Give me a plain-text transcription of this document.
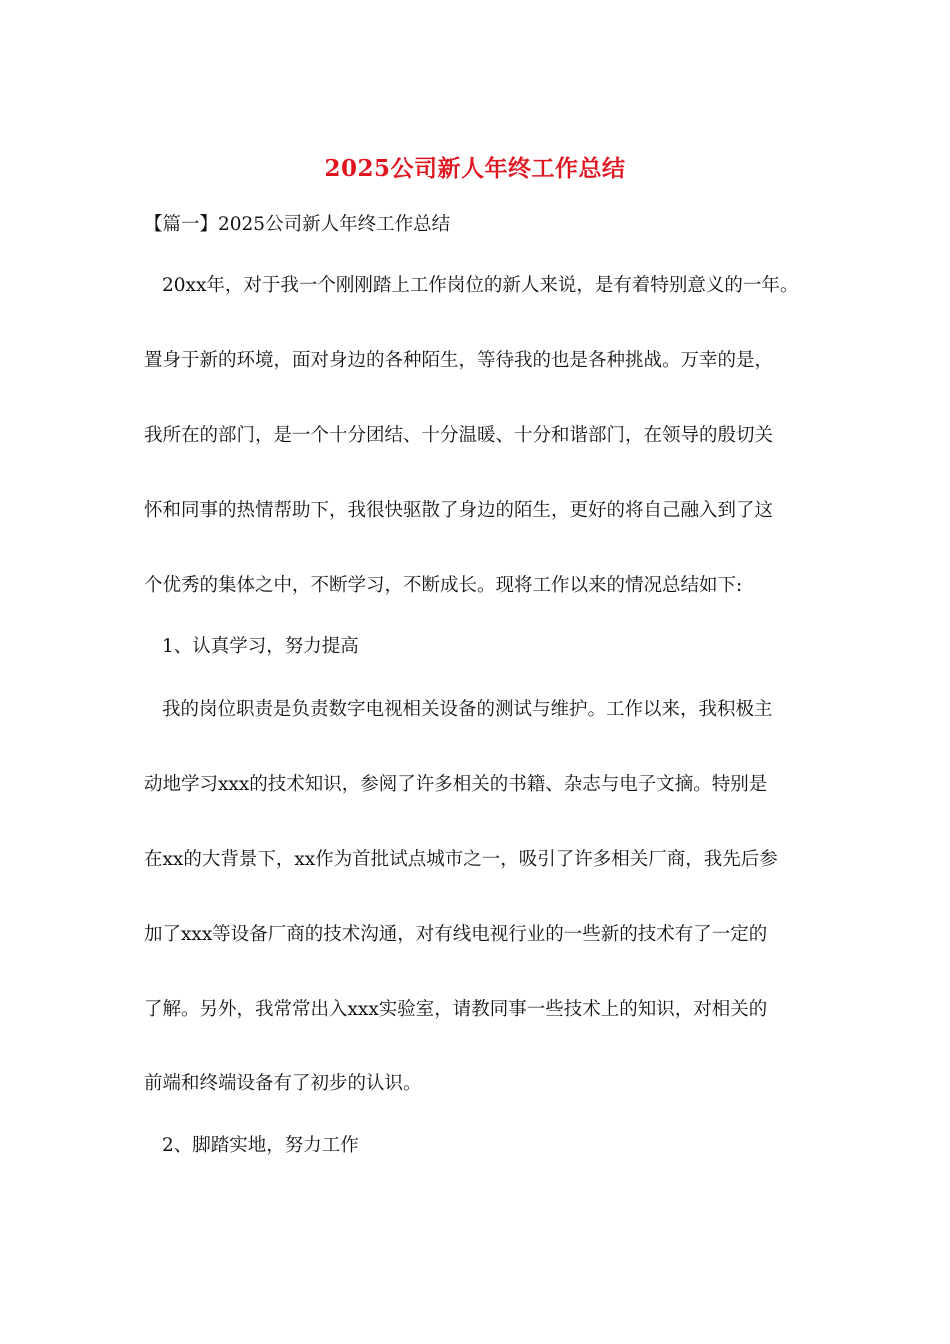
2025公司新人年终工作总结
【篇一】2025公司新人年终工作总结
20xx年，对于我一个刚刚踏上工作岗位的新人来说，是有着特别意义的一年。
置身于新的环境，面对身边的各种陌生，等待我的也是各种挑战。万幸的是，
我所在的部门，是一个十分团结、十分温暖、十分和谐部门，在领导的殷切关
怀和同事的热情帮助下，我很快驱散了身边的陌生，更好的将自己融入到了这
个优秀的集体之中，不断学习，不断成长。现将工作以来的情况总结如下:
1、认真学习，努力提高
我的岗位职责是负责数字电视相关设备的测试与维护。工作以来，我积极主
动地学习xxx的技术知识，参阅了许多相关的书籍、杂志与电子文摘。特别是
在xx的大背景下，xx作为首批试点城市之一，吸引了许多相关厂商，我先后参
加了xxx等设备厂商的技术沟通，对有线电视行业的一些新的技术有了一定的
了解。另外，我常常出入xxx实验室，请教同事一些技术上的知识，对相关的
前端和终端设备有了初步的认识。
2、脚踏实地，努力工作
